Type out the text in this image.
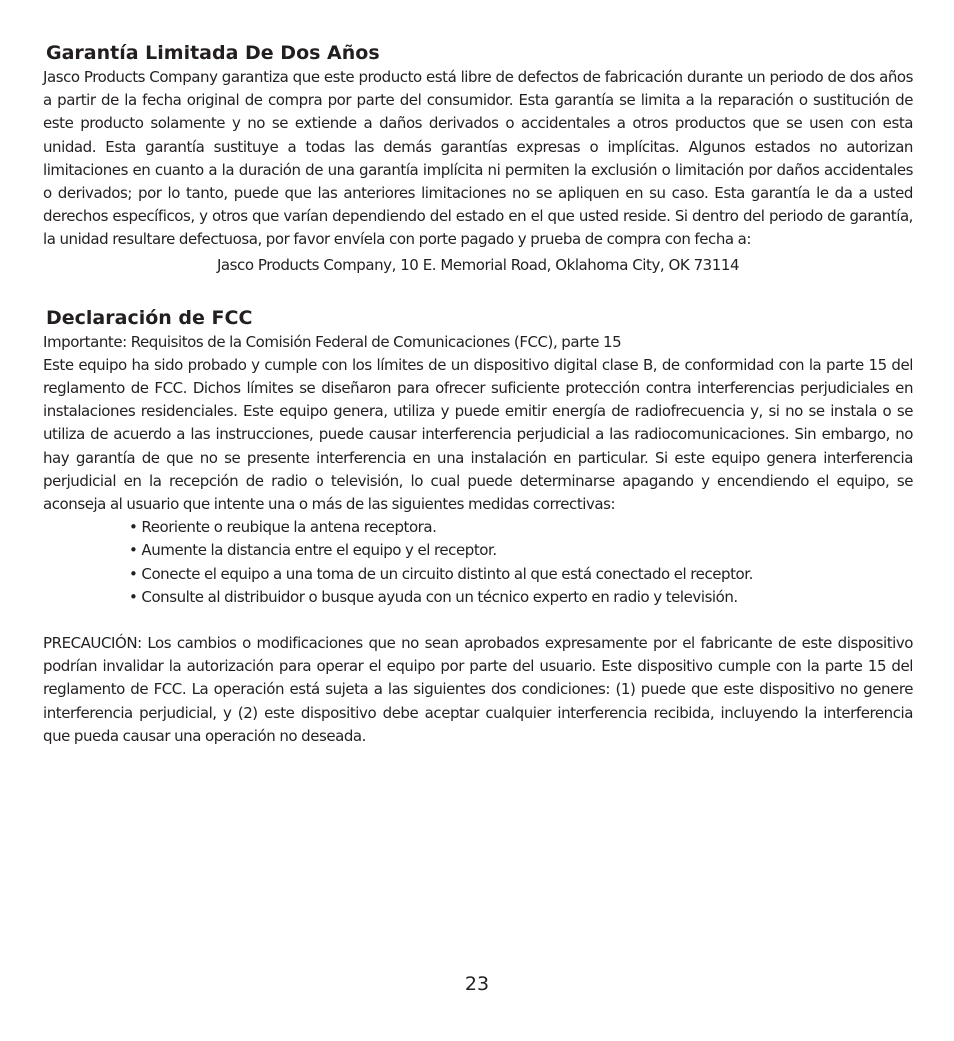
Garantía Limitada De Dos Años

Jasco Products Company garantiza que este producto está libre de defectos de fabricación durante un periodo de dos años a partir de la fecha original de compra por parte del consumidor. Esta garantía se limita a la reparación o sustitución de este producto solamente y no se extiende a daños derivados o accidentales a otros productos que se usen con esta unidad. Esta garantía sustituye a todas las demás garantías expresas o implícitas. Algunos estados no autorizan limitaciones en cuanto a la duración de una garantía implícita ni permiten la exclusión o limitación por daños accidentales o derivados; por lo tanto, puede que las anteriores limitaciones no se apliquen en su caso. Esta garantía le da a usted derechos específicos, y otros que varían dependiendo del estado en el que usted reside. Si dentro del periodo de garantía, la unidad resultare defectuosa, por favor envíela con porte pagado y prueba de compra con fecha a:

Jasco Products Company, 10 E. Memorial Road, Oklahoma City, OK 73114

Declaración de FCC

Importante: Requisitos de la Comisión Federal de Comunicaciones (FCC), parte 15

Este equipo ha sido probado y cumple con los límites de un dispositivo digital clase B, de conformidad con la parte 15 del reglamento de FCC. Dichos límites se diseñaron para ofrecer suficiente protección contra interferencias perjudiciales en instalaciones residenciales. Este equipo genera, utiliza y puede emitir energía de radiofrecuencia y, si no se instala o se utiliza de acuerdo a las instrucciones, puede causar interferencia perjudicial a las radiocomunicaciones. Sin embargo, no hay garantía de que no se presente interferencia en una instalación en particular. Si este equipo genera interferencia perjudicial en la recepción de radio o televisión, lo cual puede determinarse apagando y encendiendo el equipo, se aconseja al usuario que intente una o más de las siguientes medidas correctivas:

• Reoriente o reubique la antena receptora.
• Aumente la distancia entre el equipo y el receptor.
• Conecte el equipo a una toma de un circuito distinto al que está conectado el receptor.
• Consulte al distribuidor o busque ayuda con un técnico experto en radio y televisión.

PRECAUCIÓN: Los cambios o modificaciones que no sean aprobados expresamente por el fabricante de este dispositivo podrían invalidar la autorización para operar el equipo por parte del usuario. Este dispositivo cumple con la parte 15 del reglamento de FCC. La operación está sujeta a las siguientes dos condiciones: (1) puede que este dispositivo no genere interferencia perjudicial, y (2) este dispositivo debe aceptar cualquier interferencia recibida, incluyendo la interferencia que pueda causar una operación no deseada.

23
